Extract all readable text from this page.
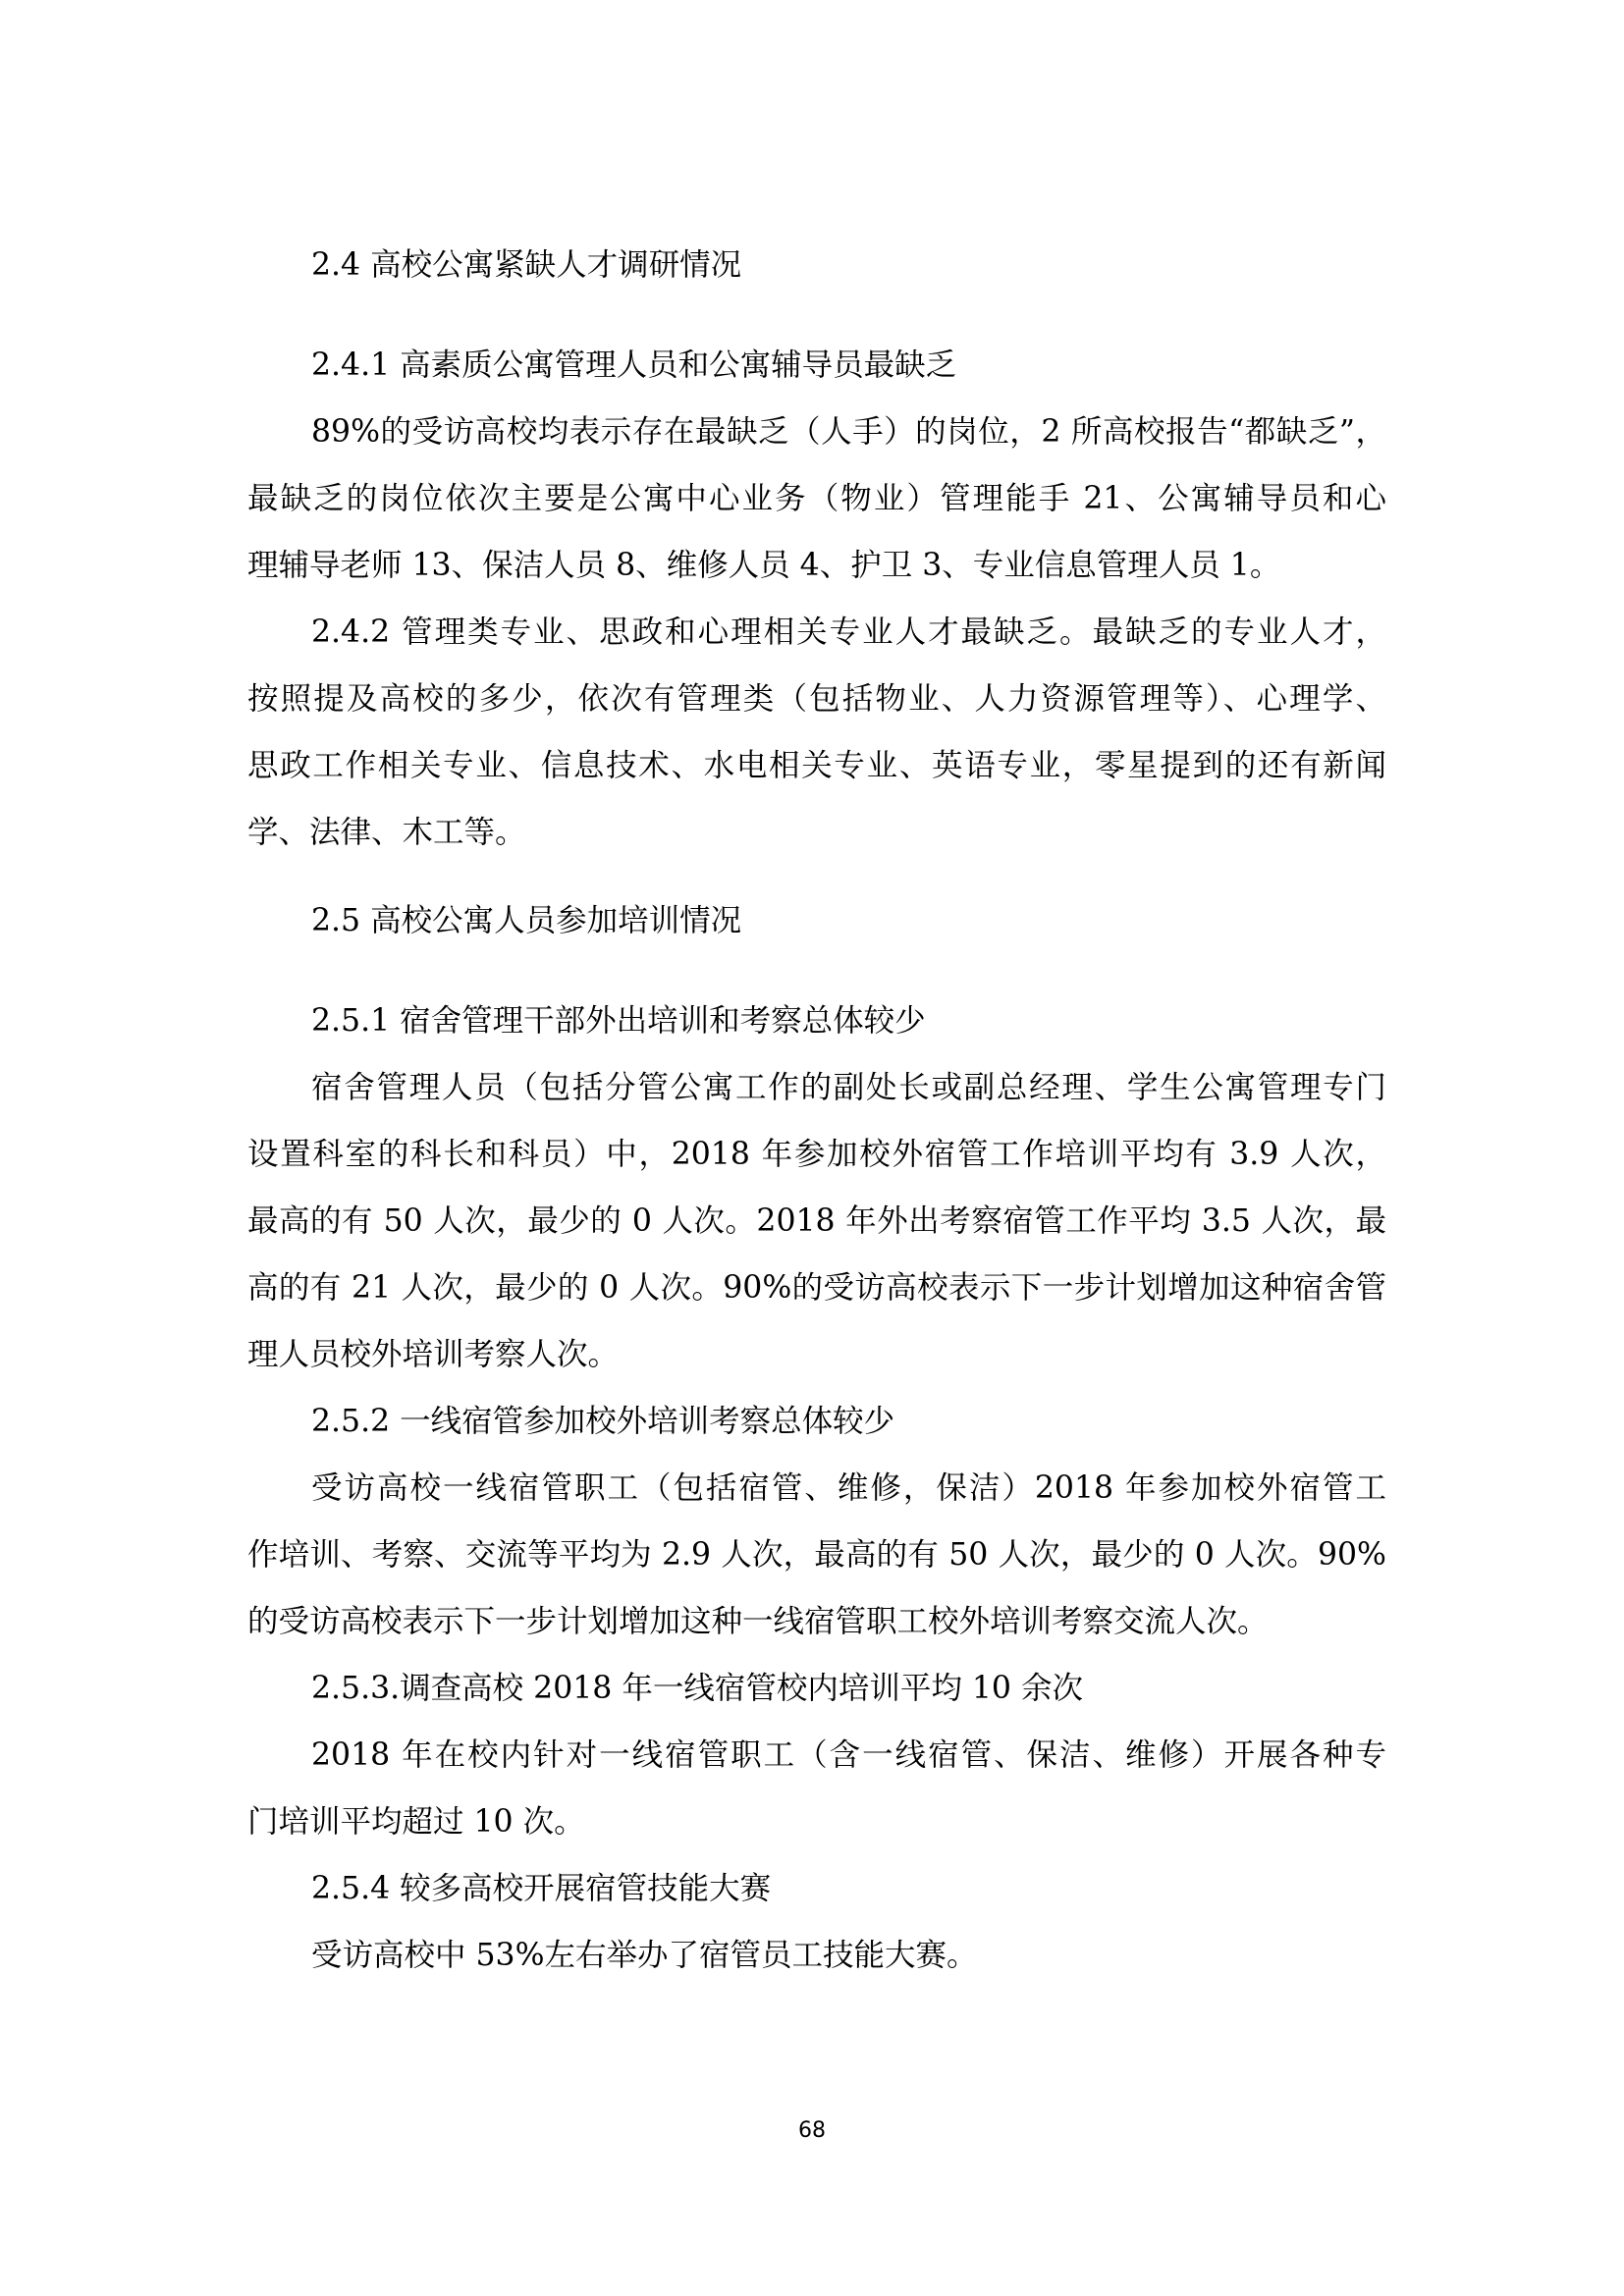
2.4 高校公寓紧缺人才调研情况

2.4.1 高素质公寓管理人员和公寓辅导员最缺乏

89%的受访高校均表示存在最缺乏（人手）的岗位，2 所高校报告“都缺乏”，
最缺乏的岗位依次主要是公寓中心业务（物业）管理能手 21、公寓辅导员和心
理辅导老师 13、保洁人员 8、维修人员 4、护卫 3、专业信息管理人员 1。
2.4.2 管理类专业、思政和心理相关专业人才最缺乏。最缺乏的专业人才，
按照提及高校的多少，依次有管理类（包括物业、人力资源管理等）、心理学、
思政工作相关专业、信息技术、水电相关专业、英语专业，零星提到的还有新闻
学、法律、木工等。

2.5 高校公寓人员参加培训情况

2.5.1 宿舍管理干部外出培训和考察总体较少

宿舍管理人员（包括分管公寓工作的副处长或副总经理、学生公寓管理专门
设置科室的科长和科员）中，2018 年参加校外宿管工作培训平均有 3.9 人次，
最高的有 50 人次，最少的 0 人次。2018 年外出考察宿管工作平均 3.5 人次，最
高的有 21 人次，最少的 0 人次。90%的受访高校表示下一步计划增加这种宿舍管
理人员校外培训考察人次。

2.5.2 一线宿管参加校外培训考察总体较少

受访高校一线宿管职工（包括宿管、维修，保洁）2018 年参加校外宿管工
作培训、考察、交流等平均为 2.9 人次，最高的有 50 人次，最少的 0 人次。90%
的受访高校表示下一步计划增加这种一线宿管职工校外培训考察交流人次。

2.5.3.调查高校 2018 年一线宿管校内培训平均 10 余次

2018 年在校内针对一线宿管职工（含一线宿管、保洁、维修）开展各种专
门培训平均超过 10 次。

2.5.4 较多高校开展宿管技能大赛

受访高校中 53%左右举办了宿管员工技能大赛。
68
